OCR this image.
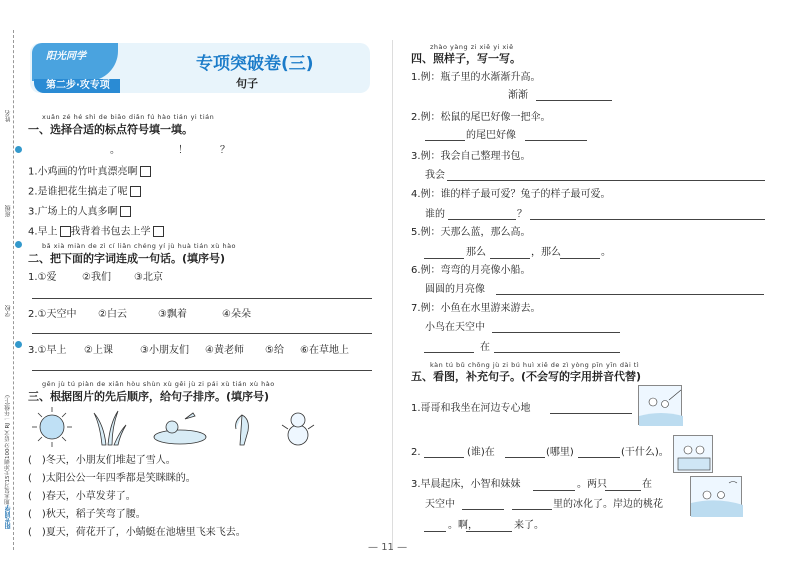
姓名
班级
学校
期末复习15天冲刺100分 语文 RJ 一年级(上)
阳光同学
阳光同学
第二步·攻专项
专项突破卷(三)
句子
xuǎn zé hé shì de biāo diǎn fú hào tián yi tián
一、选择合适的标点符号填一填。
。	！	？
1.小鸡画的竹叶真漂亮啊
2.是谁把花生搞走了呢
3.广场上的人真多啊
4.早上 我背着书包去上学
bǎ xià miàn de zì cí liǎn chéng yí jù huà tián xù hào
二、把下面的字词连成一句话。(填序号)
1.①爱	②我们 ③北京
2.①天空中 ②白云	③飘着	④朵朵
3.①早上 ②上课	③小朋友们 ④黄老师 ⑤给 ⑥在草地上
gēn jù tú piàn de xiān hòu shùn xù gěi jù zi pái xù tián xù hào
三、根据图片的先后顺序，给句子排序。(填序号)
(　)冬天，小朋友们堆起了雪人。
(　)太阳公公一年四季都是笑眯眯的。
(　)春天，小草发芽了。
(　)秋天，稻子笑弯了腰。
(　)夏天，荷花开了，小蜻蜓在池塘里飞来飞去。
zhào yàng zi xiě yi xiě
四、照样子，写一写。
1.例：瓶子里的水渐渐升高。
渐渐
2.例：松鼠的尾巴好像一把伞。
的尾巴好像
3.例：我会自己整理书包。
我会
4.例：谁的样子最可爱？兔子的样子最可爱。
谁的	？
5.例：天那么蓝，那么高。
那么	，那么	。
6.例：弯弯的月亮像小船。
圆圆的月亮像
7.例：小鱼在水里游来游去。
小鸟在天空中
在
kàn tú bǔ chōng jù zi bú huì xiě de zì yòng pīn yīn dài tì
五、看图，补充句子。(不会写的字用拼音代替)
1.哥哥和我坐在河边专心地
2.	(谁)在	(哪里)	(干什么)。
3.早晨起床，小智和妹妹	。两只	在
天空中	里的冰化了。岸边的桃花
。啊，	来了。
— 11 —
